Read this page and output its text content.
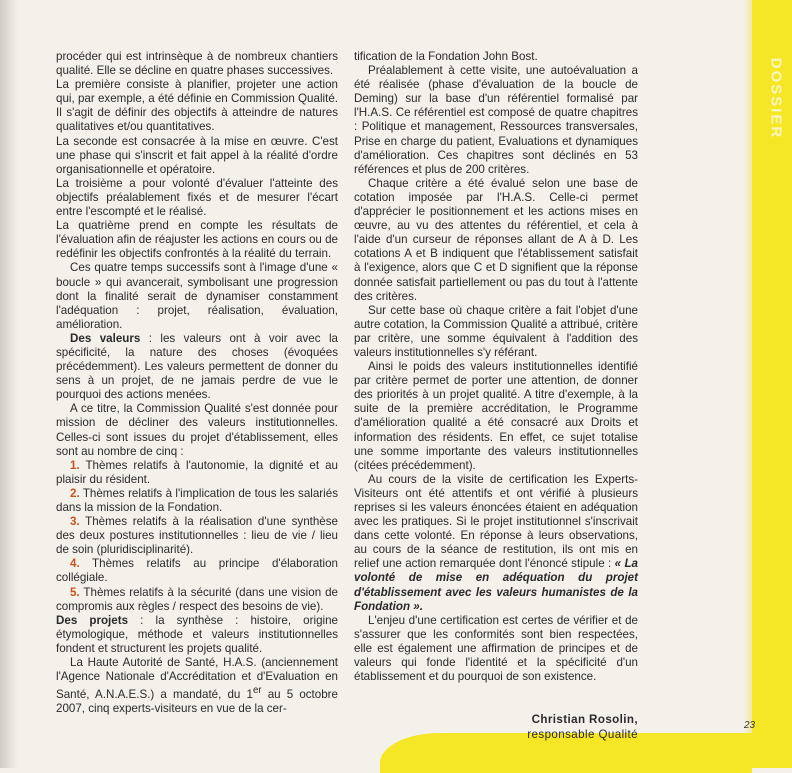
DOSSIER

procéder qui est intrinsèque à de nombreux chantiers qualité. Elle se décline en quatre phases successives.

La première consiste à planifier, projeter une action qui, par exemple, a été définie en Commission Qualité. Il s'agit de définir des objectifs à atteindre de natures qualitatives et/ou quantitatives.

La seconde est consacrée à la mise en œuvre. C'est une phase qui s'inscrit et fait appel à la réalité d'ordre organisationnelle et opératoire.

La troisième a pour volonté d'évaluer l'atteinte des objectifs préalablement fixés et de mesurer l'écart entre l'escompté et le réalisé.

La quatrième prend en compte les résultats de l'évaluation afin de réajuster les actions en cours ou de redéfinir les objectifs confrontés à la réalité du terrain.

Ces quatre temps successifs sont à l'image d'une « boucle » qui avancerait, symbolisant une progression dont la finalité serait de dynamiser constamment l'adéquation : projet, réalisation, évaluation, amélioration.

Des valeurs : les valeurs ont à voir avec la spécificité, la nature des choses (évoquées précédemment). Les valeurs permettent de donner du sens à un projet, de ne jamais perdre de vue le pourquoi des actions menées.

A ce titre, la Commission Qualité s'est donnée pour mission de décliner des valeurs institutionnelles. Celles-ci sont issues du projet d'établissement, elles sont au nombre de cinq :

1. Thèmes relatifs à l'autonomie, la dignité et au plaisir du résident.

2. Thèmes relatifs à l'implication de tous les salariés dans la mission de la Fondation.

3. Thèmes relatifs à la réalisation d'une synthèse des deux postures institutionnelles : lieu de vie / lieu de soin (pluridisciplinarité).

4. Thèmes relatifs au principe d'élaboration collégiale.

5. Thèmes relatifs à la sécurité (dans une vision de compromis aux règles / respect des besoins de vie).

Des projets : la synthèse : histoire, origine étymologique, méthode et valeurs institutionnelles fondent et structurent les projets qualité.

La Haute Autorité de Santé, H.A.S. (anciennement l'Agence Nationale d'Accréditation et d'Evaluation en Santé, A.N.A.E.S.) a mandaté, du 1er au 5 octobre 2007, cinq experts-visiteurs en vue de la cer-

tification de la Fondation John Bost.

Préalablement à cette visite, une autoévaluation a été réalisée (phase d'évaluation de la boucle de Deming) sur la base d'un référentiel formalisé par l'H.A.S. Ce référentiel est composé de quatre chapitres : Politique et management, Ressources transversales, Prise en charge du patient, Evaluations et dynamiques d'amélioration. Ces chapitres sont déclinés en 53 références et plus de 200 critères.

Chaque critère a été évalué selon une base de cotation imposée par l'H.A.S. Celle-ci permet d'apprécier le positionnement et les actions mises en œuvre, au vu des attentes du référentiel, et cela à l'aide d'un curseur de réponses allant de A à D. Les cotations A et B indiquent que l'établissement satisfait à l'exigence, alors que C et D signifient que la réponse donnée satisfait partiellement ou pas du tout à l'attente des critères.

Sur cette base où chaque critère a fait l'objet d'une autre cotation, la Commission Qualité a attribué, critère par critère, une somme équivalent à l'addition des valeurs institutionnelles s'y référant.

Ainsi le poids des valeurs institutionnelles identifié par critère permet de porter une attention, de donner des priorités à un projet qualité. A titre d'exemple, à la suite de la première accréditation, le Programme d'amélioration qualité a été consacré aux Droits et information des résidents. En effet, ce sujet totalise une somme importante des valeurs institutionnelles (citées précédemment).

Au cours de la visite de certification les Experts-Visiteurs ont été attentifs et ont vérifié à plusieurs reprises si les valeurs énoncées étaient en adéquation avec les pratiques. Si le projet institutionnel s'inscrivait dans cette volonté. En réponse à leurs observations, au cours de la séance de restitution, ils ont mis en relief une action remarquée dont l'énoncé stipule : « La volonté de mise en adéquation du projet d'établissement avec les valeurs humanistes de la Fondation ».

L'enjeu d'une certification est certes de vérifier et de s'assurer que les conformités sont bien respectées, elle est également une affirmation de principes et de valeurs qui fonde l'identité et la spécificité d'un établissement et du pourquoi de son existence.

Christian Rosolin,
responsable Qualité
23
